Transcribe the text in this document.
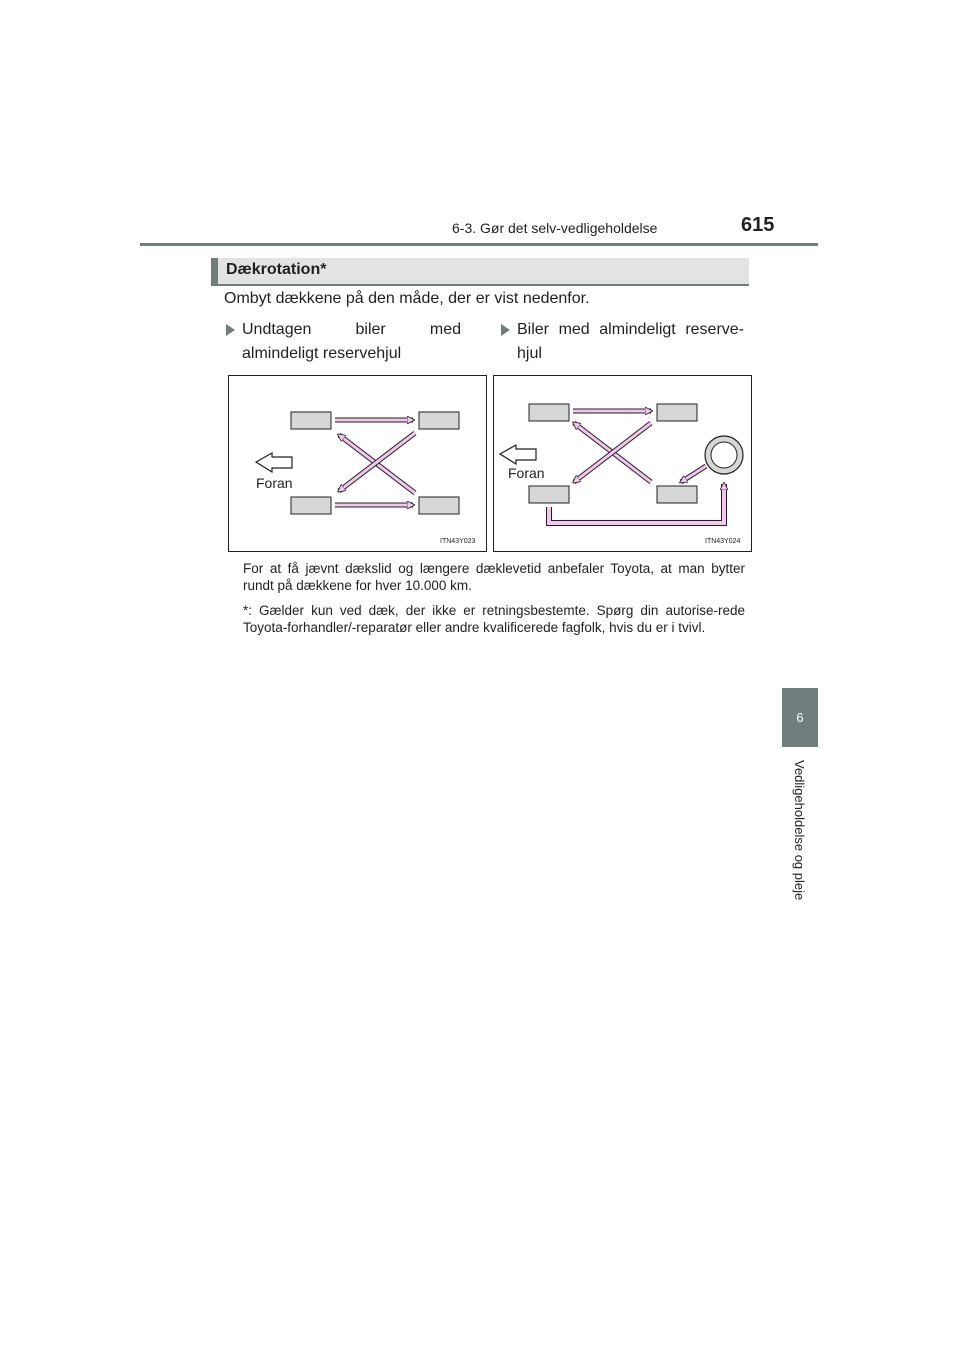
6-3. Gør det selv-vedligeholdelse	615
6
Vedligeholdelse og pleje
Dækrotation*
Ombyt dækkene på den måde, der er vist nedenfor.
Undtagen biler med almindeligt reservehjul
Biler med almindeligt reserve-hjul
Foran
ITN43Y023
Foran
ITN43Y024
For at få jævnt dækslid og længere dæklevetid anbefaler Toyota, at man bytter rundt på dækkene for hver 10.000 km.
*: Gælder kun ved dæk, der ikke er retningsbestemte. Spørg din autorise-rede Toyota-forhandler/-reparatør eller andre kvalificerede fagfolk, hvis du er i tvivl.
